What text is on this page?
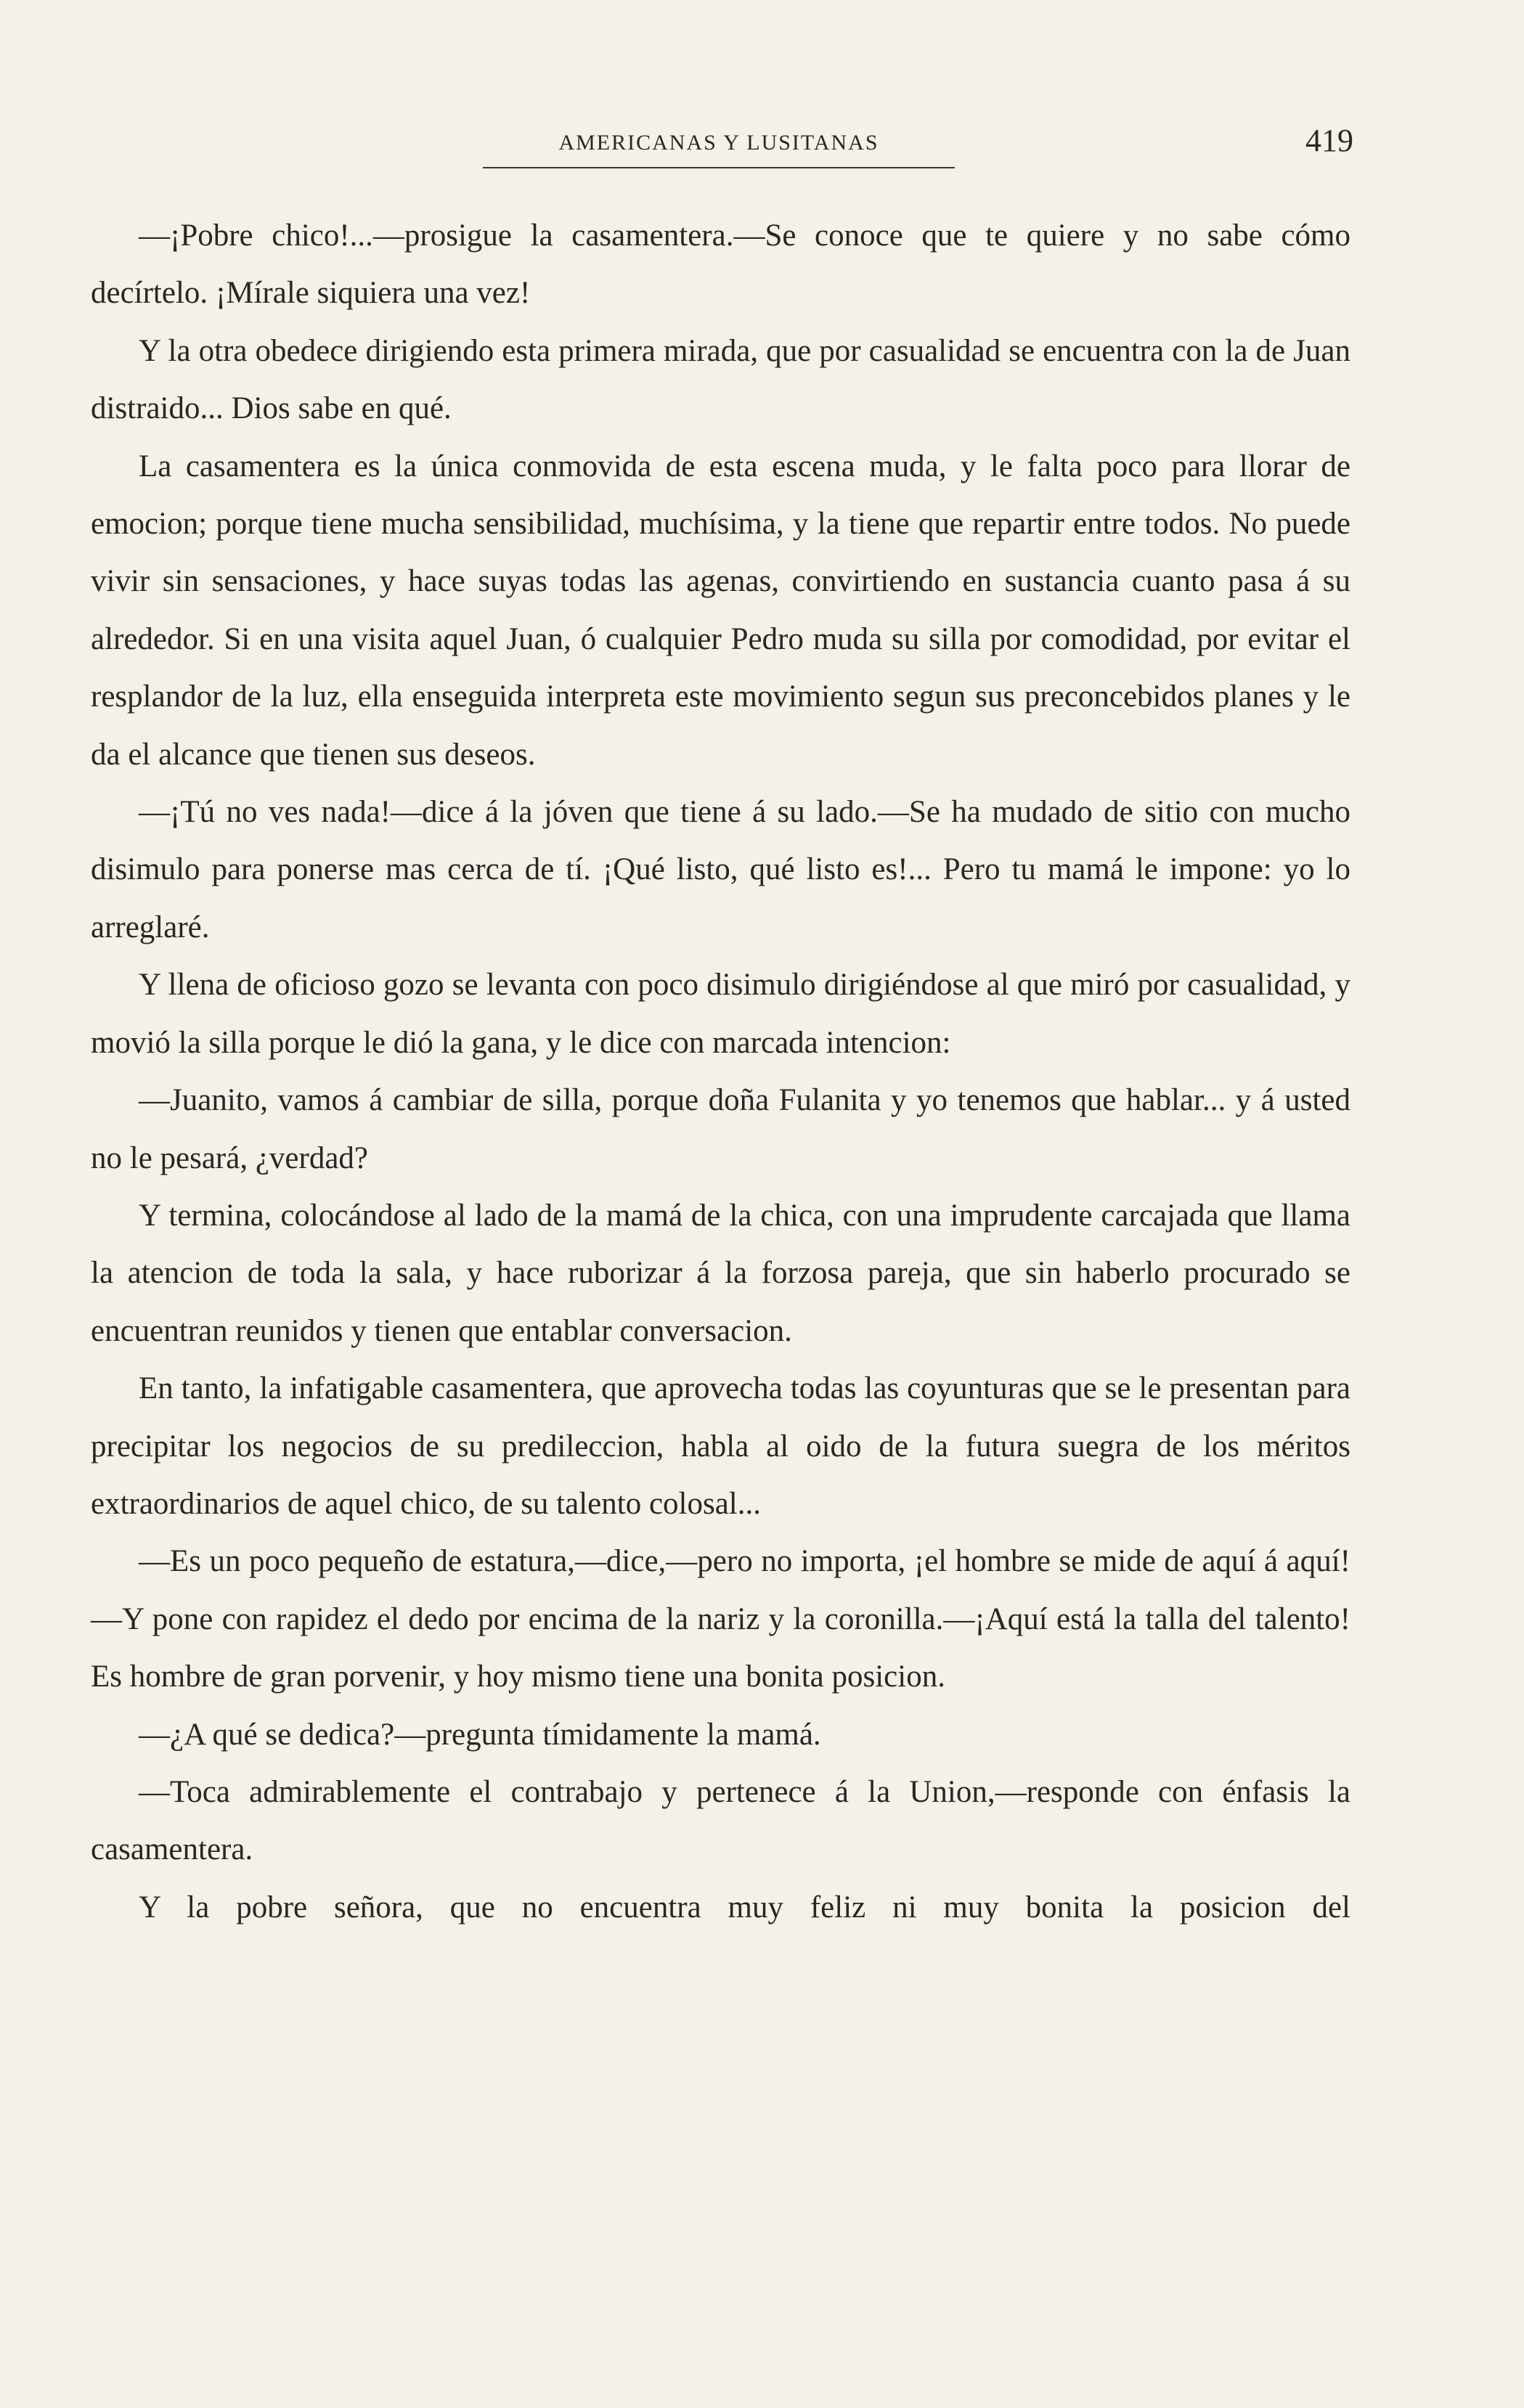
AMERICANAS Y LUSITANAS	419

—¡Pobre chico!...—prosigue la casamentera.—Se conoce que te quiere y no sabe cómo decírtelo. ¡Mírale siquiera una vez!

Y la otra obedece dirigiendo esta primera mirada, que por casualidad se encuentra con la de Juan distraido... Dios sabe en qué.

La casamentera es la única conmovida de esta escena muda, y le falta poco para llorar de emocion; porque tiene mucha sensibilidad, muchísima, y la tiene que repartir entre todos. No puede vivir sin sensaciones, y hace suyas todas las agenas, convirtiendo en sustancia cuanto pasa á su alrededor. Si en una visita aquel Juan, ó cualquier Pedro muda su silla por comodidad, por evitar el resplandor de la luz, ella enseguida interpreta este movimiento segun sus preconcebidos planes y le da el alcance que tienen sus deseos.

—¡Tú no ves nada!—dice á la jóven que tiene á su lado.—Se ha mudado de sitio con mucho disimulo para ponerse mas cerca de tí. ¡Qué listo, qué listo es!... Pero tu mamá le impone: yo lo arreglaré.

Y llena de oficioso gozo se levanta con poco disimulo dirigiéndose al que miró por casualidad, y movió la silla porque le dió la gana, y le dice con marcada intencion:

—Juanito, vamos á cambiar de silla, porque doña Fulanita y yo tenemos que hablar... y á usted no le pesará, ¿verdad?

Y termina, colocándose al lado de la mamá de la chica, con una imprudente carcajada que llama la atencion de toda la sala, y hace ruborizar á la forzosa pareja, que sin haberlo procurado se encuentran reunidos y tienen que entablar conversacion.

En tanto, la infatigable casamentera, que aprovecha todas las coyunturas que se le presentan para precipitar los negocios de su predileccion, habla al oido de la futura suegra de los méritos extraordinarios de aquel chico, de su talento colosal...

—Es un poco pequeño de estatura,—dice,—pero no importa, ¡el hombre se mide de aquí á aquí!—Y pone con rapidez el dedo por encima de la nariz y la coronilla.—¡Aquí está la talla del talento! Es hombre de gran porvenir, y hoy mismo tiene una bonita posicion.

—¿A qué se dedica?—pregunta tímidamente la mamá.

—Toca admirablemente el contrabajo y pertenece á la Union,—responde con énfasis la casamentera.

Y la pobre señora, que no encuentra muy feliz ni muy bonita la posicion del
